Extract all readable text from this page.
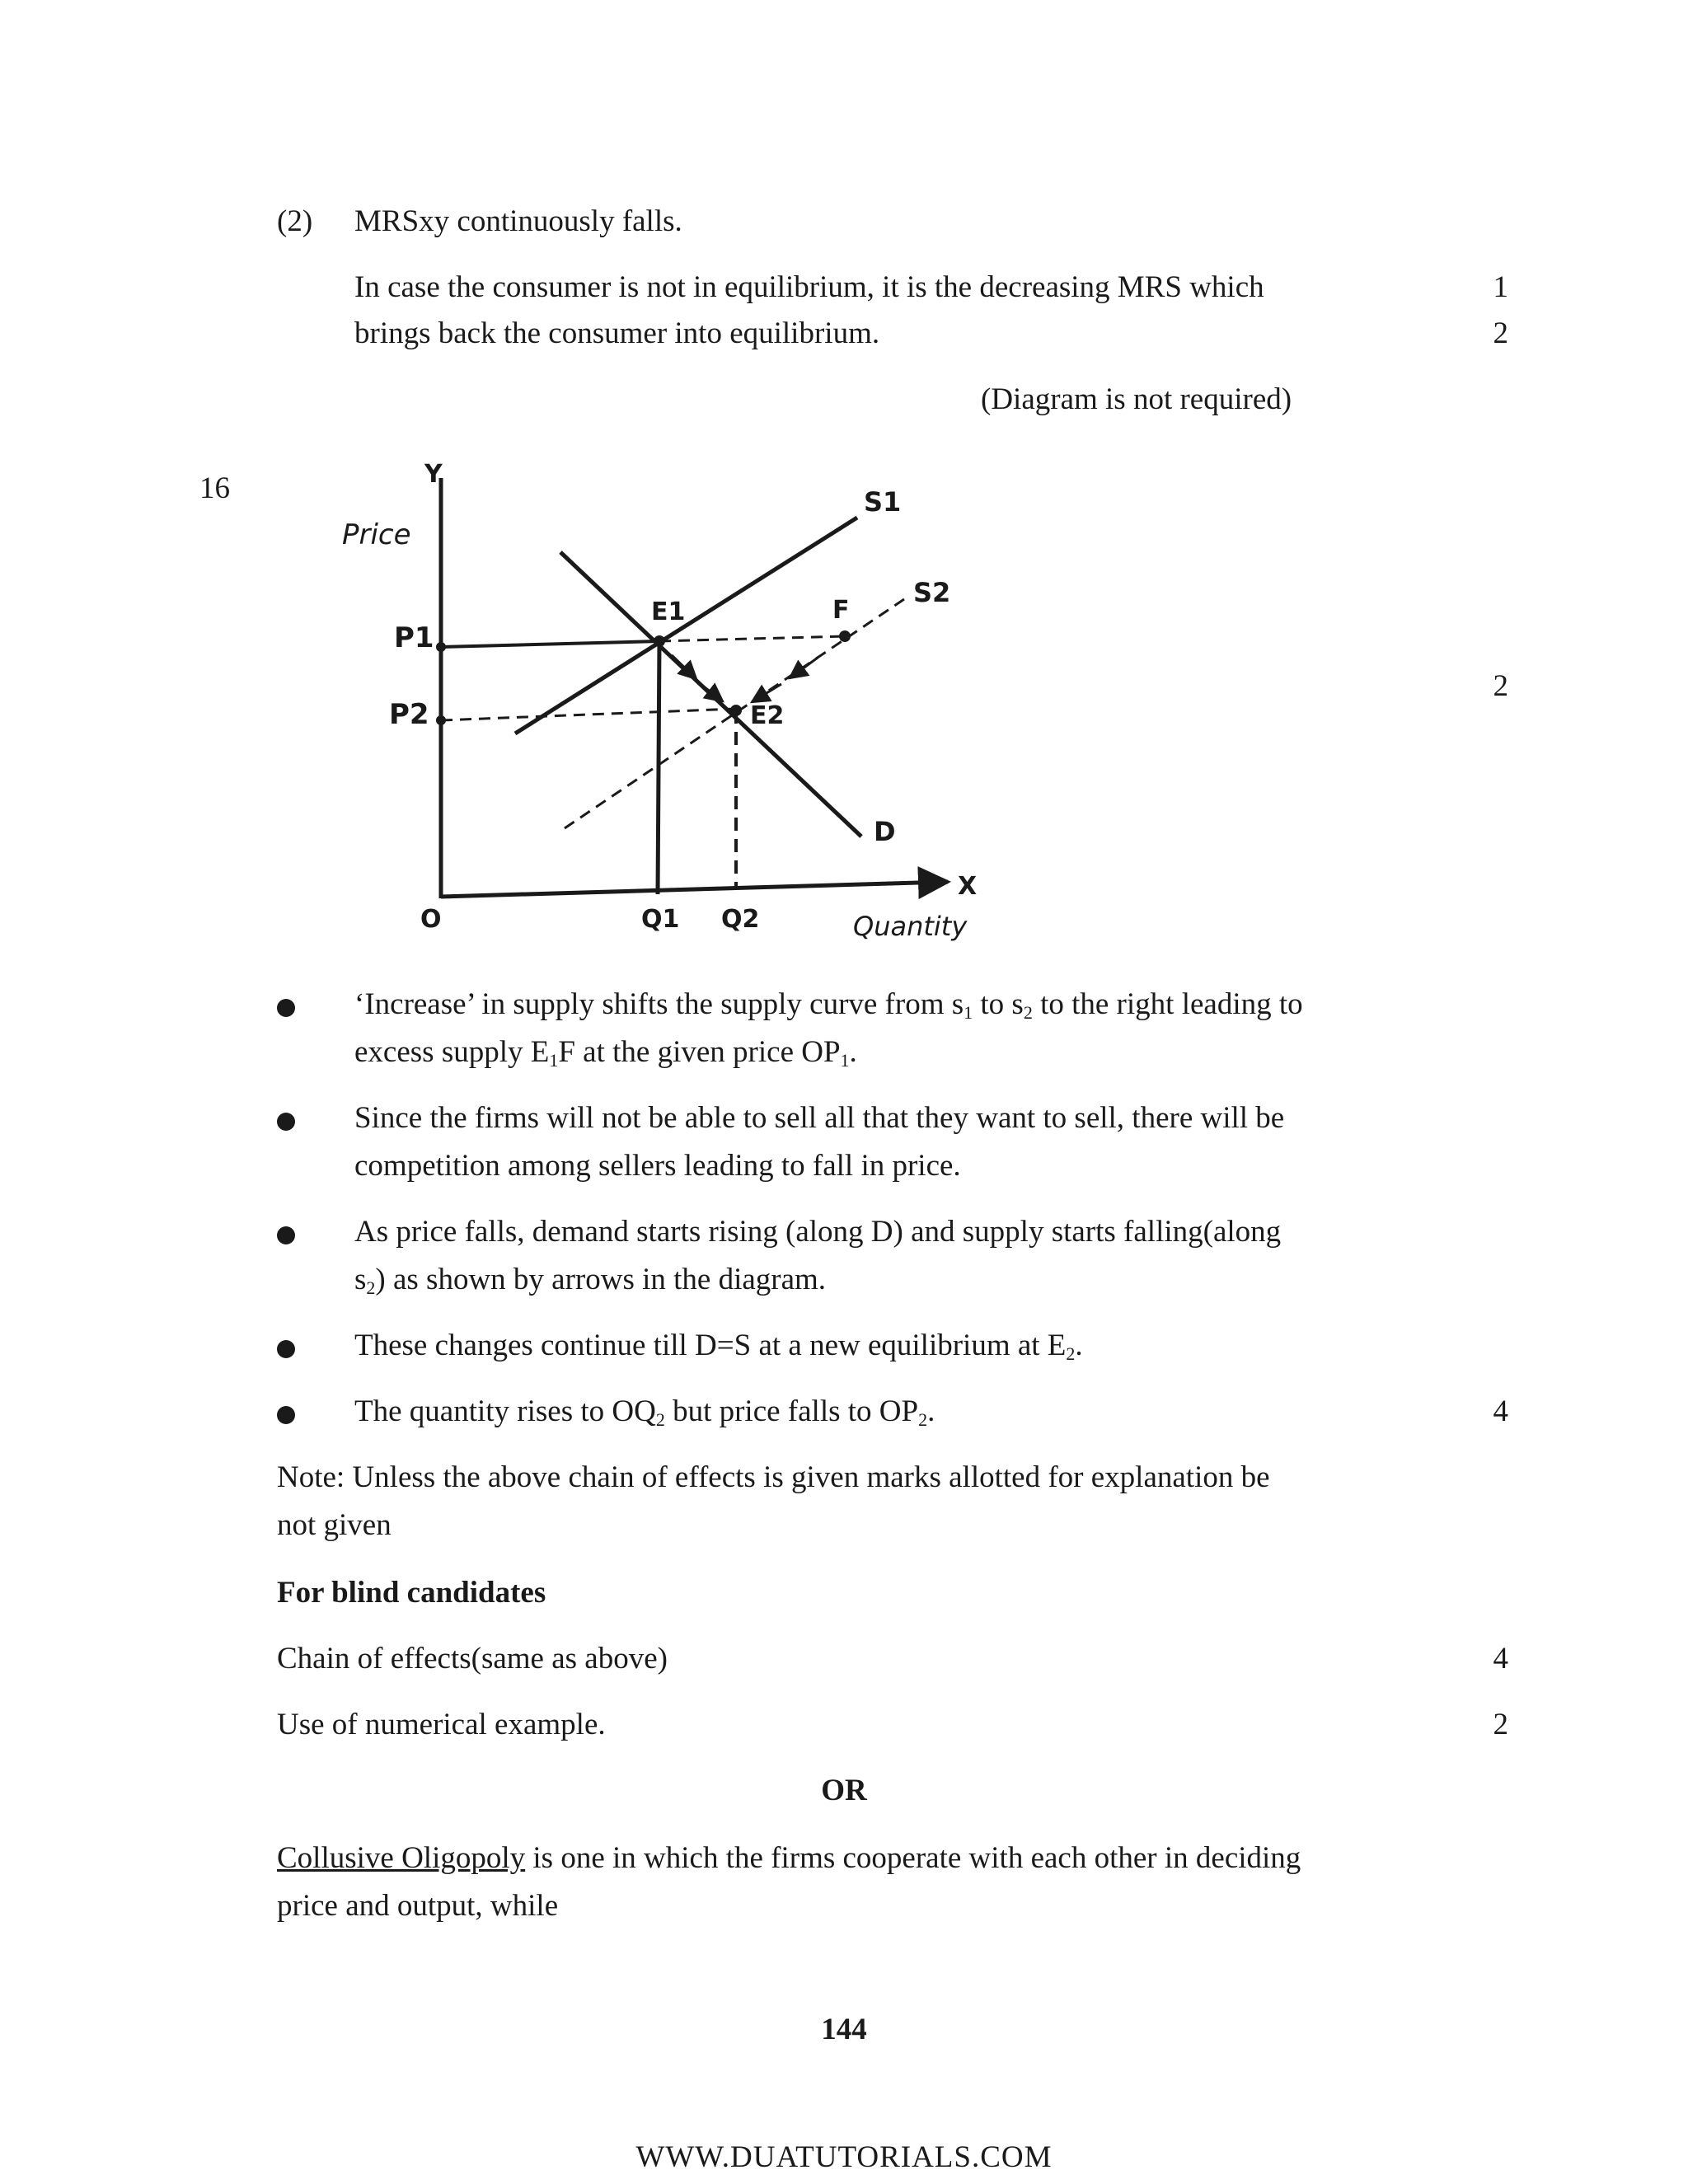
(2) MRSxy continuously falls.
In case the consumer is not in equilibrium, it is the decreasing MRS which	1
brings back the consumer into equilibrium.	2
(Diagram is not required)
16
2
Y
X
Price
Quantity
O
P1
P2
Q1 Q2
E1
E2
F
S1
S2
D
‘Increase’ in supply shifts the supply curve from $s_1$ to $s_2$ to the right leading to
excess supply $E_1F$ at the given price $OP_1$.
Since the firms will not be able to sell all that they want to sell, there will be
competition among sellers leading to fall in price.
As price falls, demand starts rising (along D) and supply starts falling(along
$s_2$) as shown by arrows in the diagram.
These changes continue till D=S at a new equilibrium at $E_2$.
The quantity rises to $OQ_2$ but price falls to $OP_2$.	4
Note: Unless the above chain of effects is given marks allotted for explanation be
not given
For blind candidates
Chain of effects(same as above)	4
Use of numerical example.	2
OR
Collusive Oligopoly is one in which the firms cooperate with each other in deciding
price and output, while
144
WWW.DUATUTORIALS.COM
